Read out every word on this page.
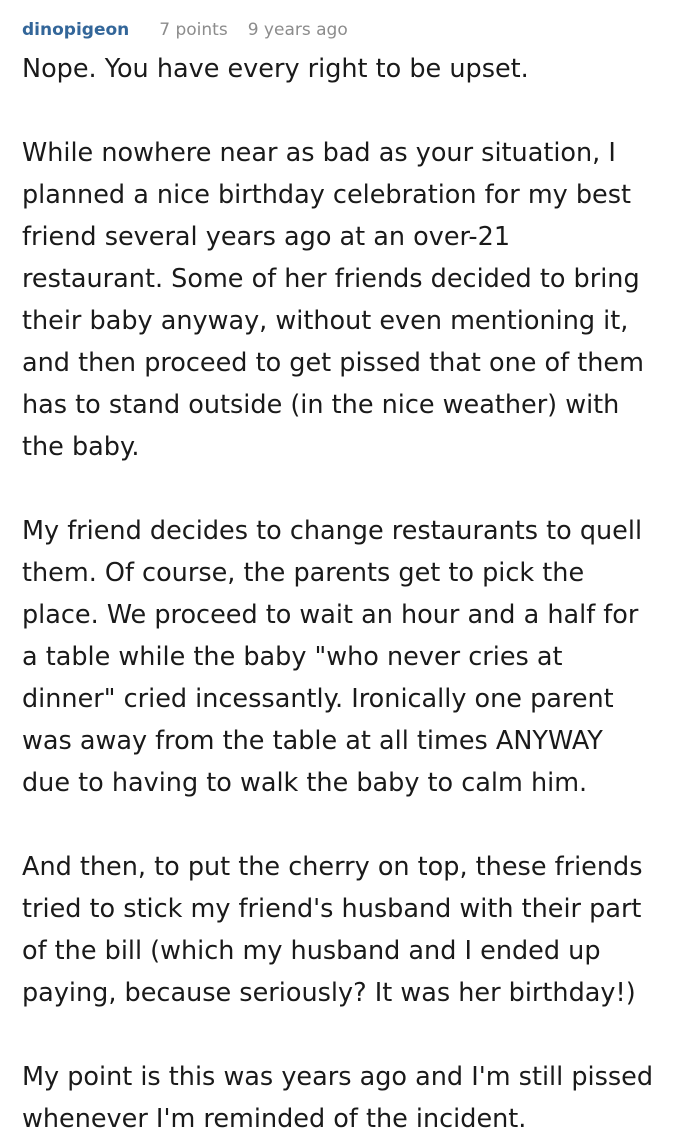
dinopigeon 7 points 9 years ago

Nope. You have every right to be upset.

While nowhere near as bad as your situation, I
planned a nice birthday celebration for my best
friend several years ago at an over-21
restaurant. Some of her friends decided to bring
their baby anyway, without even mentioning it,
and then proceed to get pissed that one of them
has to stand outside (in the nice weather) with
the baby.

My friend decides to change restaurants to quell
them. Of course, the parents get to pick the
place. We proceed to wait an hour and a half for
a table while the baby "who never cries at
dinner" cried incessantly. Ironically one parent
was away from the table at all times ANYWAY
due to having to walk the baby to calm him.

And then, to put the cherry on top, these friends
tried to stick my friend's husband with their part
of the bill (which my husband and I ended up
paying, because seriously? It was her birthday!)

My point is this was years ago and I'm still pissed
whenever I'm reminded of the incident.
